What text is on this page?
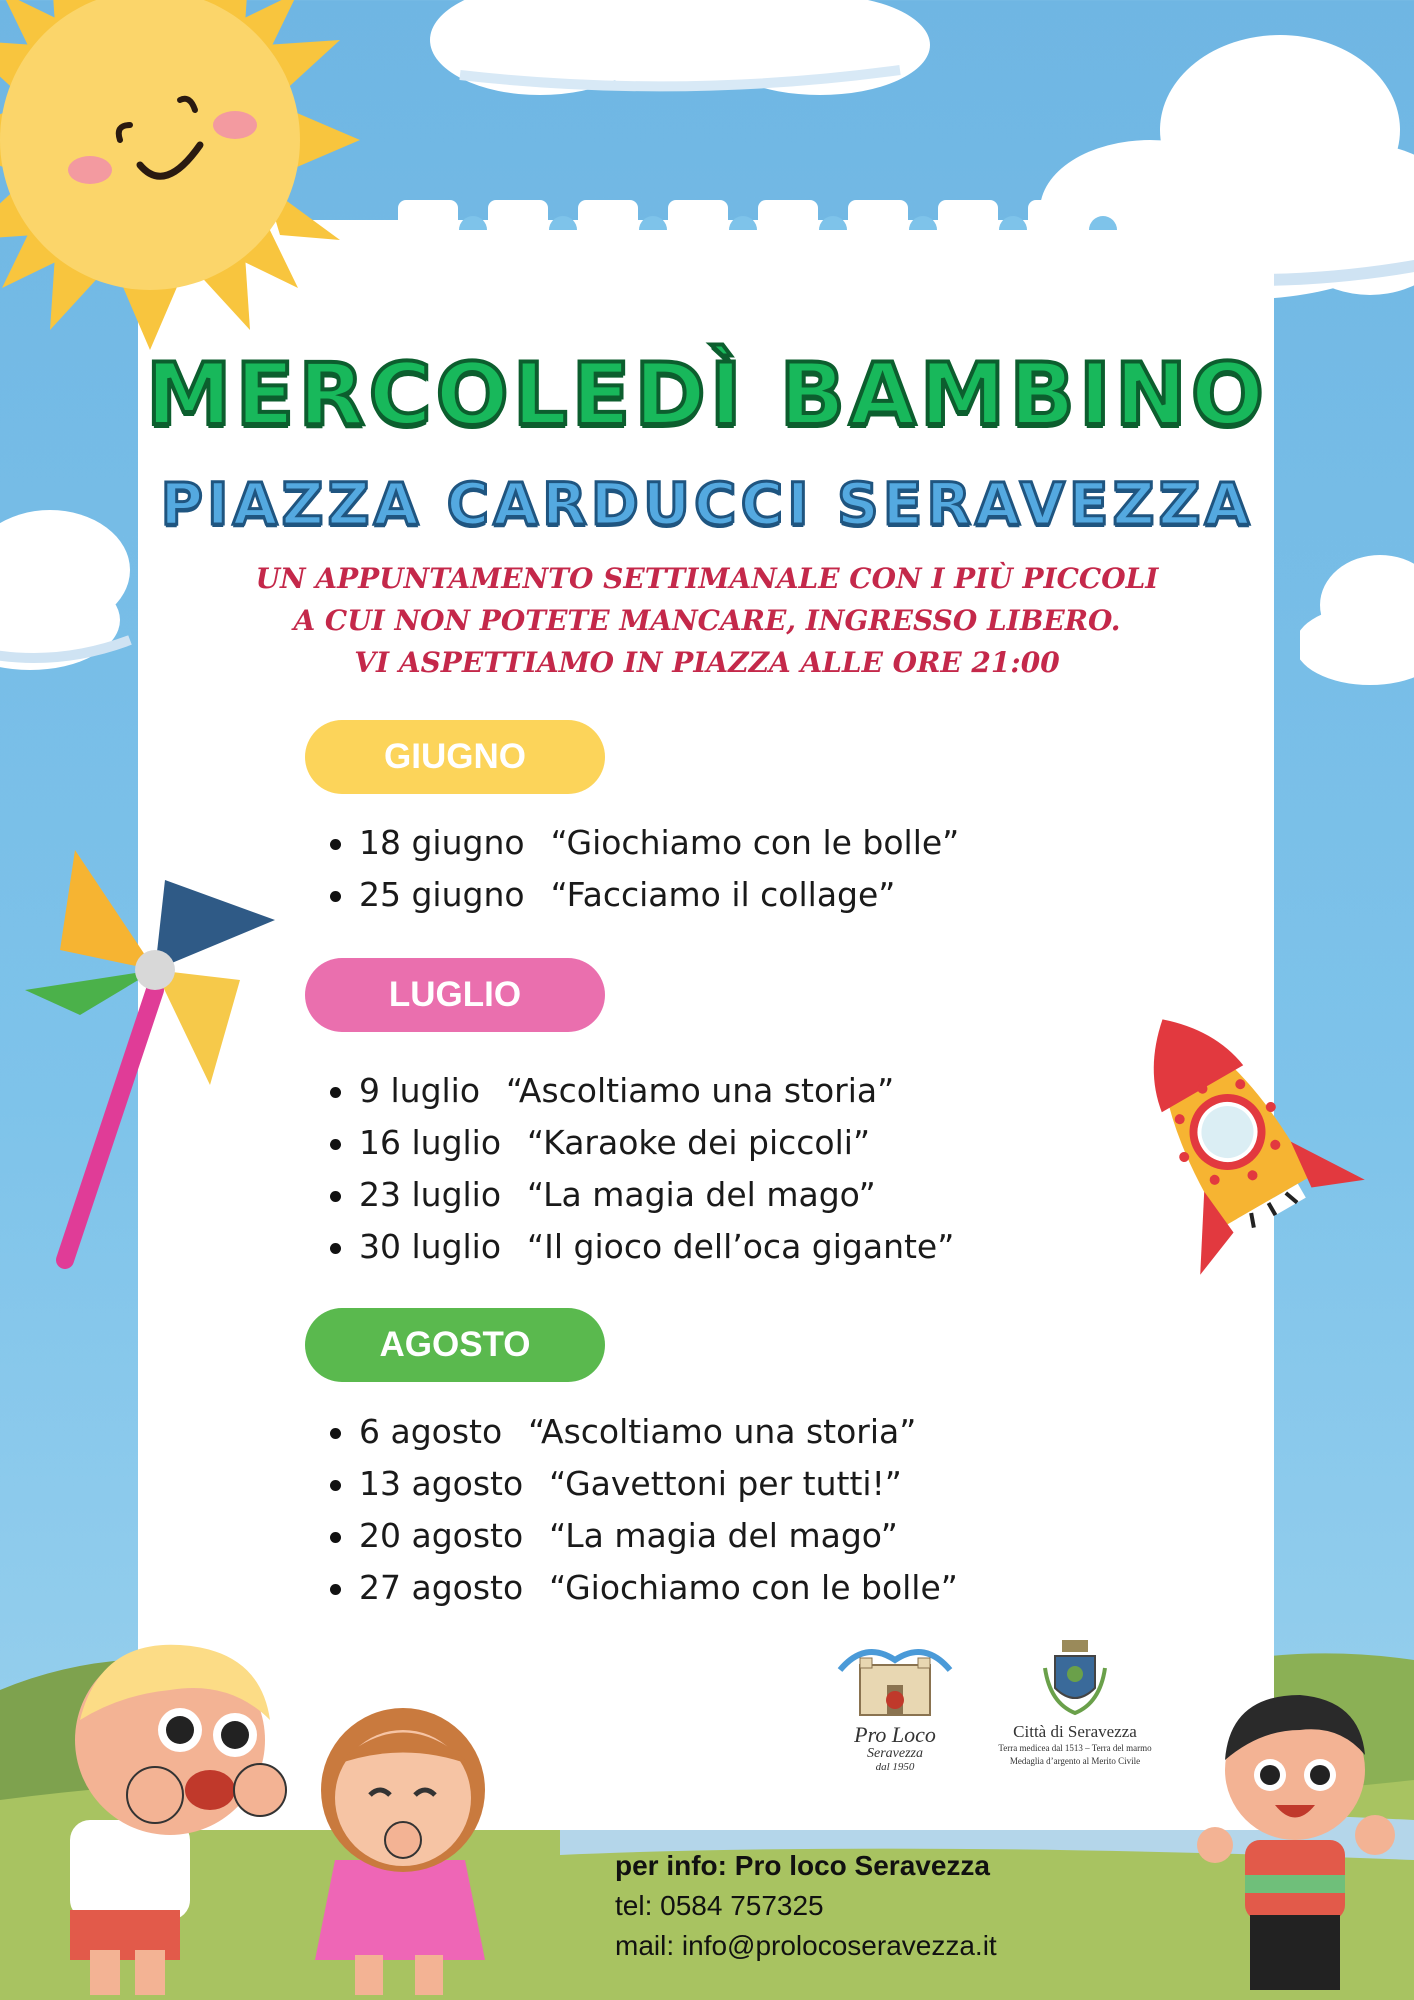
MERCOLEDÌ BAMBINO
PIAZZA CARDUCCI SERAVEZZA
UN APPUNTAMENTO SETTIMANALE CON I PIÙ PICCOLI
A CUI NON POTETE MANCARE, INGRESSO LIBERO.
VI ASPETTIAMO IN PIAZZA ALLE ORE 21:00
GIUGNO
18 giugno “Giochiamo con le bolle”
25 giugno “Facciamo il collage”
LUGLIO
9 luglio “Ascoltiamo una storia”
16 luglio “Karaoke dei piccoli”
23 luglio “La magia del mago”
30 luglio “Il gioco dell’oca gigante”
AGOSTO
6 agosto “Ascoltiamo una storia”
13 agosto “Gavettoni per tutti!”
20 agosto “La magia del mago”
27 agosto “Giochiamo con le bolle”
Pro Loco
Seravezza
dal 1950
Città di Seravezza
Terra medicea dal 1513 – Terra del marmo
Medaglia d’argento al Merito Civile
per info: Pro loco Seravezza
tel: 0584 757325
mail: info@prolocoseravezza.it
